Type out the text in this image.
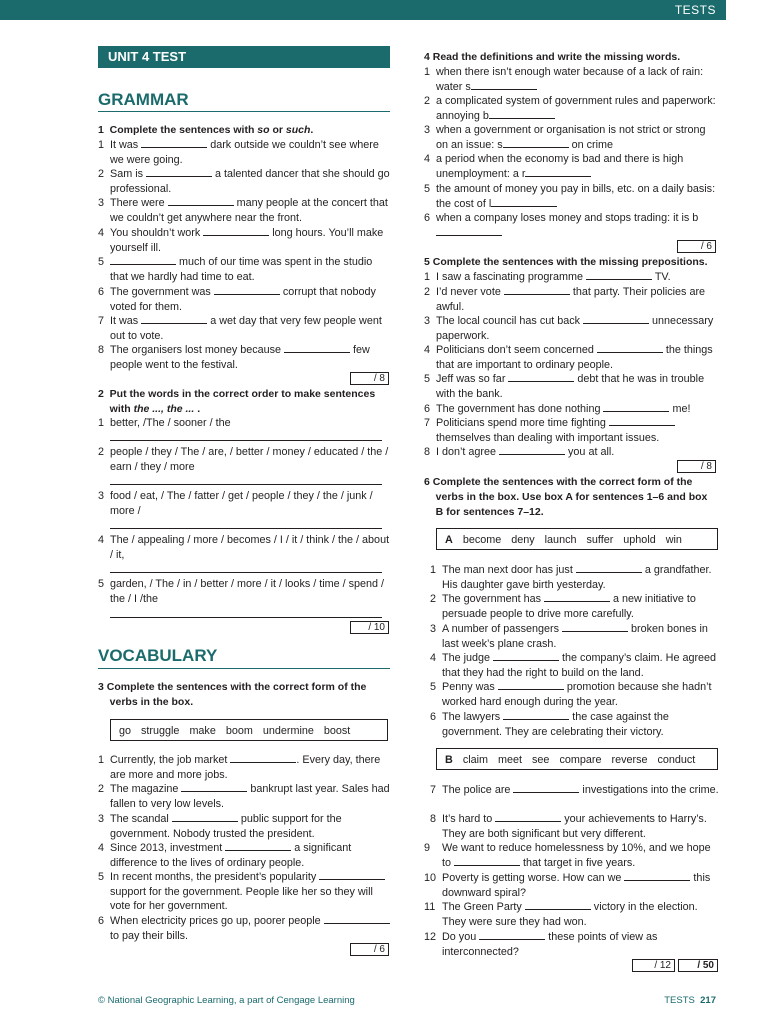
TESTS
UNIT 4 TEST
GRAMMAR
1  Complete the sentences with so or such.
1 It was	dark outside we couldn’t see where we were going.
2 Sam is	a talented dancer that she should go professional.
3 There were	many people at the concert that we couldn’t get anywhere near the front.
4 You shouldn’t work	long hours. You’ll make yourself ill.
5	much of our time was spent in the studio that we hardly had time to eat.
6 The government was	corrupt that nobody voted for them.
7 It was	a wet day that very few people went out to vote.
8 The organisers lost money because	few people went to the festival.
/ 8
2  Put the words in the correct order to make sentences
with the ..., the ... .
1 better, /The / sooner / the
2 people / they / The / are, / better / money / educated / the / earn / they / more
3 food / eat, / The / fatter / get / people / they / the / junk / more /
4 The / appealing / more / becomes / I / it / think / the / about / it,
5 garden, / The / in / better / more / it / looks / time / spend / the / I /the
/ 10
VOCABULARY
3 Complete the sentences with the correct form of the
verbs in the box.
go struggle make boom undermine boost
1 Currently, the job market	. Every day, there are more and more jobs.
2 The magazine	bankrupt last year. Sales had fallen to very low levels.
3 The scandal	public support for the government. Nobody trusted the president.
4 Since 2013, investment	a significant difference to the lives of ordinary people.
5 In recent months, the president’s popularity  support for the government. People like her so they will vote for her government.
6 When electricity prices go up, poorer people  to pay their bills.
/ 6
4 Read the definitions and write the missing words.
1 when there isn’t enough water because of a lack of rain: water s
2 a complicated system of government rules and paperwork: annoying b
3 when a government or organisation is not strict or strong on an issue: s	on crime
4 a period when the economy is bad and there is high unemployment: a r
5 the amount of money you pay in bills, etc. on a daily basis: the cost of l
6 when a company loses money and stops trading: it is b
/ 6
5 Complete the sentences with the missing prepositions.
1 I saw a fascinating programme	TV.
2 I’d never vote	that party. Their policies are awful.
3 The local council has cut back	unnecessary paperwork.
4 Politicians don’t seem concerned	the things that are important to ordinary people.
5 Jeff was so far	debt that he was in trouble with the bank.
6 The government has done nothing	me!
7 Politicians spend more time fighting  themselves than dealing with important issues.
8 I don’t agree	you at all.
/ 8
6 Complete the sentences with the correct form of the
verbs in the box. Use box A for sentences 1–6 and box
B for sentences 7–12.
A become deny launch suffer uphold win
1 The man next door has just	a grandfather. His daughter gave birth yesterday.
2 The government has	a new initiative to persuade people to drive more carefully.
3 A number of passengers	broken bones in last week’s plane crash.
4 The judge	the company’s claim. He agreed that they had the right to build on the land.
5 Penny was	promotion because she hadn’t worked hard enough during the year.
6 The lawyers	the case against the government. They are celebrating their victory.
B claim meet see compare reverse conduct
7 The police are	investigations into the crime.
8 It’s hard to	your achievements to Harry’s. They are both significant but very different.
9	We want to reduce homelessness by 10%, and we hope to	that target in five years.
10 Poverty is getting worse. How can we	this downward spiral?
11 The Green Party	victory in the election. They were sure they had won.
12 Do you	these points of view as interconnected?
/ 12	/ 50
© National Geographic Learning, a part of Cengage Learning	TESTS 217
